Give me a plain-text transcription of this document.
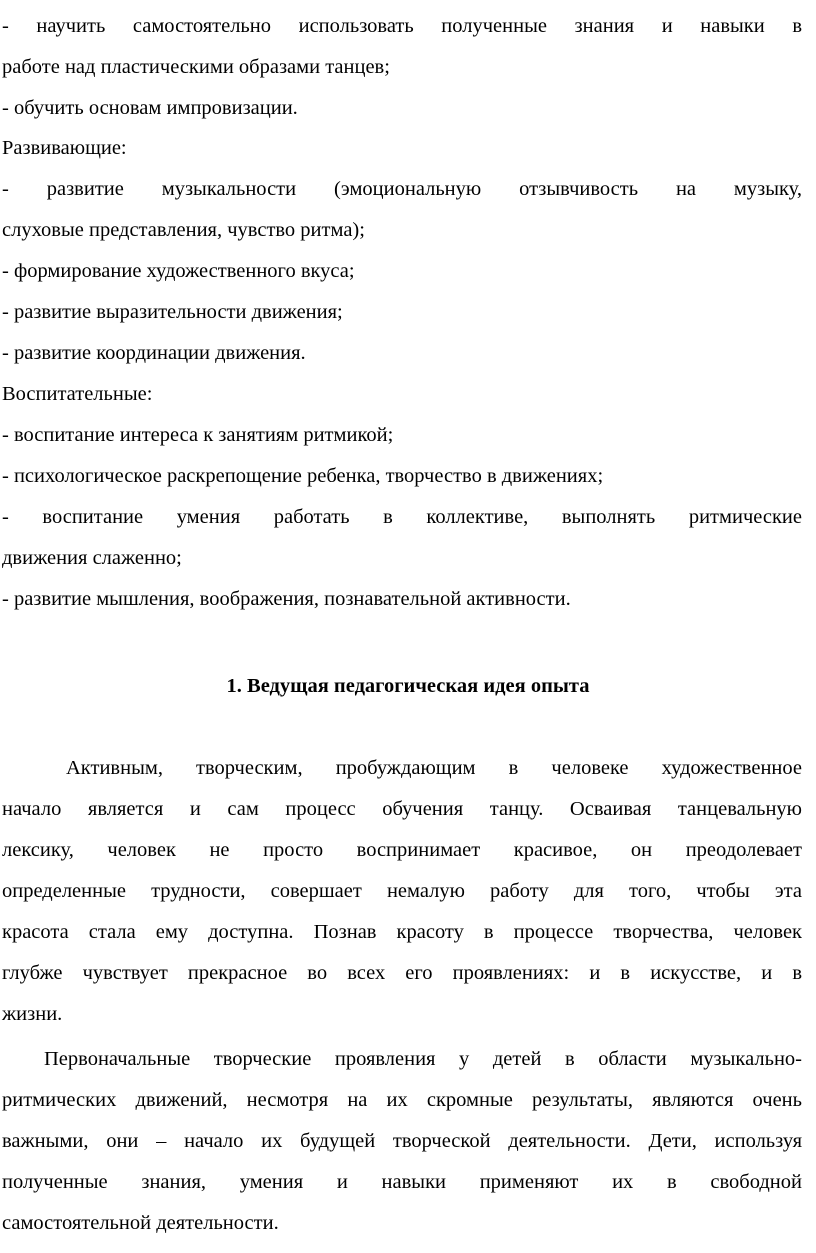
- научить самостоятельно использовать полученные знания и навыки в
работе над пластическими образами танцев;
- обучить основам импровизации.
Развивающие:
- развитие музыкальности (эмоциональную отзывчивость на музыку,
слуховые представления, чувство ритма);
- формирование художественного вкуса;
- развитие выразительности движения;
- развитие координации движения.
Воспитательные:
- воспитание интереса к занятиям ритмикой;
- психологическое раскрепощение ребенка, творчество в движениях;
- воспитание умения работать в коллективе, выполнять ритмические
движения слаженно;
- развитие мышления, воображения, познавательной активности.
1. Ведущая педагогическая идея опыта
Активным, творческим, пробуждающим в человеке художественное
начало является и сам процесс обучения танцу. Осваивая танцевальную
лексику, человек не просто воспринимает красивое, он преодолевает
определенные трудности, совершает немалую работу для того, чтобы эта
красота стала ему доступна. Познав красоту в процессе творчества, человек
глубже чувствует прекрасное во всех его проявлениях: и в искусстве, и в
жизни.
Первоначальные творческие проявления у детей в области музыкально-
ритмических движений, несмотря на их скромные результаты, являются очень
важными, они – начало их будущей творческой деятельности. Дети, используя
полученные знания, умения и навыки применяют их в свободной
самостоятельной деятельности.
